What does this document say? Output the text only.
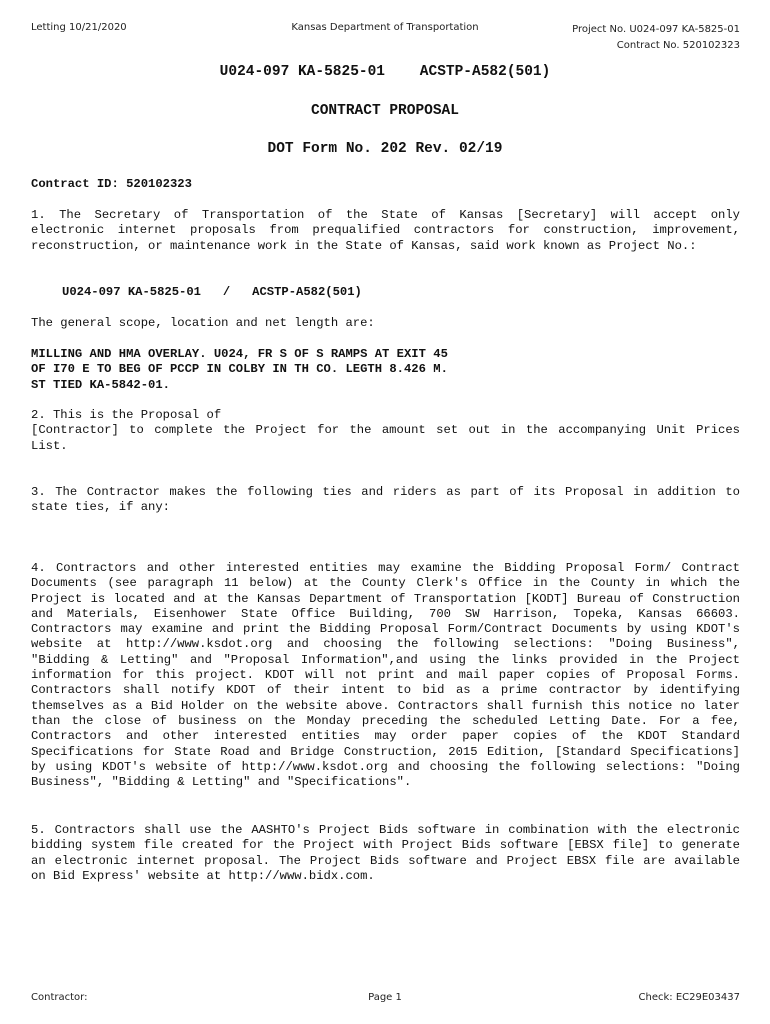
Letting 10/21/2020	Kansas Department of Transportation	Project No. U024-097 KA-5825-01
Contract No. 520102323
U024-097 KA-5825-01    ACSTP-A582(501)
CONTRACT PROPOSAL
DOT Form No. 202 Rev. 02/19
Contract ID: 520102323
1. The Secretary of Transportation of the State of Kansas [Secretary] will accept only electronic internet proposals from prequalified contractors for construction, improvement, reconstruction, or maintenance work in the State of Kansas, said work known as Project No.:
U024-097 KA-5825-01   /   ACSTP-A582(501)
The general scope, location and net length are:
MILLING AND HMA OVERLAY. U024, FR S OF S RAMPS AT EXIT 45
OF I70 E TO BEG OF PCCP IN COLBY IN TH CO. LEGTH 8.426 M.
ST TIED KA-5842-01.
2. This is the Proposal of
[Contractor] to complete the Project for the amount set out in the accompanying Unit Prices List.
3. The Contractor makes the following ties and riders as part of its Proposal in addition to state ties, if any:
4. Contractors and other interested entities may examine the Bidding Proposal Form/ Contract Documents (see paragraph 11 below) at the County Clerk's Office in the County in which the Project is located and at the Kansas Department of Transportation [KODT] Bureau of Construction and Materials, Eisenhower State Office Building, 700 SW Harrison, Topeka, Kansas 66603. Contractors may examine and print the Bidding Proposal Form/Contract Documents by using KDOT's website at http://www.ksdot.org and choosing the following selections: "Doing Business", "Bidding & Letting" and "Proposal Information",and using the links provided in the Project information for this project. KDOT will not print and mail paper copies of Proposal Forms. Contractors shall notify KDOT of their intent to bid as a prime contractor by identifying themselves as a Bid Holder on the website above. Contractors shall furnish this notice no later than the close of business on the Monday preceding the scheduled Letting Date. For a fee, Contractors and other interested entities may order paper copies of the KDOT Standard Specifications for State Road and Bridge Construction, 2015 Edition, [Standard Specifications] by using KDOT's website of http://www.ksdot.org and choosing the following selections: "Doing Business", "Bidding & Letting" and "Specifications".
5. Contractors shall use the AASHTO's Project Bids software in combination with the electronic bidding system file created for the Project with Project Bids software [EBSX file] to generate an electronic internet proposal. The Project Bids software and Project EBSX file are available on Bid Express' website at http://www.bidx.com.
Contractor:	Page 1	Check: EC29E03437
